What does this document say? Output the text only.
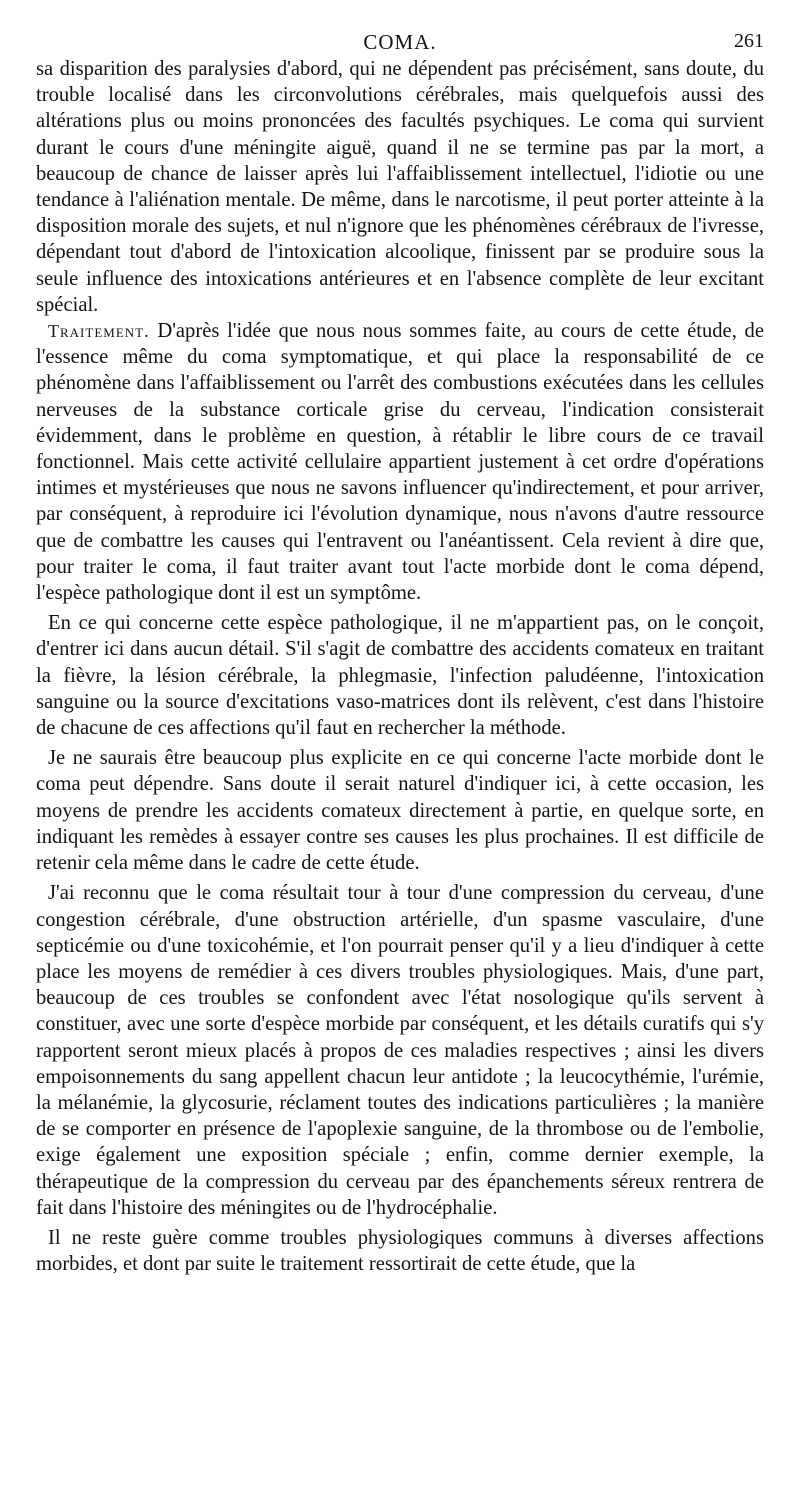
COMA.	261

sa disparition des paralysies d'abord, qui ne dépendent pas précisément, sans doute, du trouble localisé dans les circonvolutions cérébrales, mais quelquefois aussi des altérations plus ou moins prononcées des facultés psychiques. Le coma qui survient durant le cours d'une méningite aiguë, quand il ne se termine pas par la mort, a beaucoup de chance de laisser après lui l'affaiblissement intellectuel, l'idiotie ou une tendance à l'aliénation mentale. De même, dans le narcotisme, il peut porter atteinte à la disposition morale des sujets, et nul n'ignore que les phénomènes cérébraux de l'ivresse, dépendant tout d'abord de l'intoxication alcoolique, finissent par se produire sous la seule influence des intoxications antérieures et en l'absence complète de leur excitant spécial.

Traitement. D'après l'idée que nous nous sommes faite, au cours de cette étude, de l'essence même du coma symptomatique, et qui place la responsabilité de ce phénomène dans l'affaiblissement ou l'arrêt des combustions exécutées dans les cellules nerveuses de la substance corticale grise du cerveau, l'indication consisterait évidemment, dans le problème en question, à rétablir le libre cours de ce travail fonctionnel. Mais cette activité cellulaire appartient justement à cet ordre d'opérations intimes et mystérieuses que nous ne savons influencer qu'indirectement, et pour arriver, par conséquent, à reproduire ici l'évolution dynamique, nous n'avons d'autre ressource que de combattre les causes qui l'entravent ou l'anéantissent. Cela revient à dire que, pour traiter le coma, il faut traiter avant tout l'acte morbide dont le coma dépend, l'espèce pathologique dont il est un symptôme.

En ce qui concerne cette espèce pathologique, il ne m'appartient pas, on le conçoit, d'entrer ici dans aucun détail. S'il s'agit de combattre des accidents comateux en traitant la fièvre, la lésion cérébrale, la phlegmasie, l'infection paludéenne, l'intoxication sanguine ou la source d'excitations vaso-matrices dont ils relèvent, c'est dans l'histoire de chacune de ces affections qu'il faut en rechercher la méthode.

Je ne saurais être beaucoup plus explicite en ce qui concerne l'acte morbide dont le coma peut dépendre. Sans doute il serait naturel d'indiquer ici, à cette occasion, les moyens de prendre les accidents comateux directement à partie, en quelque sorte, en indiquant les remèdes à essayer contre ses causes les plus prochaines. Il est difficile de retenir cela même dans le cadre de cette étude.

J'ai reconnu que le coma résultait tour à tour d'une compression du cerveau, d'une congestion cérébrale, d'une obstruction artérielle, d'un spasme vasculaire, d'une septicémie ou d'une toxicohémie, et l'on pourrait penser qu'il y a lieu d'indiquer à cette place les moyens de remédier à ces divers troubles physiologiques. Mais, d'une part, beaucoup de ces troubles se confondent avec l'état nosologique qu'ils servent à constituer, avec une sorte d'espèce morbide par conséquent, et les détails curatifs qui s'y rapportent seront mieux placés à propos de ces maladies respectives ; ainsi les divers empoisonnements du sang appellent chacun leur antidote ; la leucocythémie, l'urémie, la mélanémie, la glycosurie, réclament toutes des indications particulières ; la manière de se comporter en présence de l'apoplexie sanguine, de la thrombose ou de l'embolie, exige également une exposition spéciale ; enfin, comme dernier exemple, la thérapeutique de la compression du cerveau par des épanchements séreux rentrera de fait dans l'histoire des méningites ou de l'hydrocéphalie.

Il ne reste guère comme troubles physiologiques communs à diverses affections morbides, et dont par suite le traitement ressortirait de cette étude, que la
